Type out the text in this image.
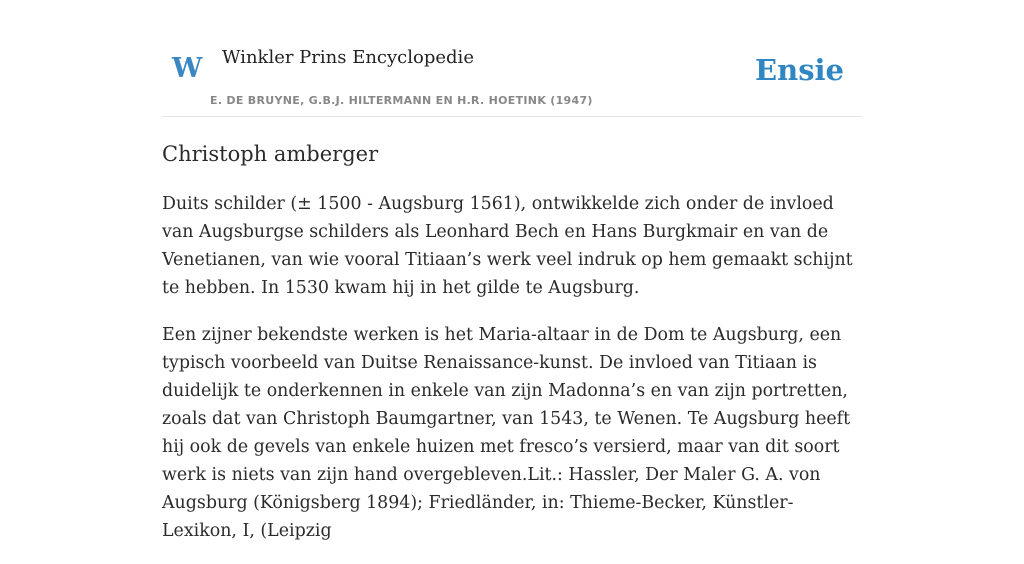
W Winkler Prins Encyclopedie
E. DE BRUYNE, G.B.J. HILTERMANN EN H.R. HOETINK (1947)
Ensie
Christoph amberger

Duits schilder (± 1500 - Augsburg 1561), ontwikkelde zich onder de invloed van Augsburgse schilders als Leonhard Bech en Hans Burgkmair en van de Venetianen, van wie vooral Titiaan’s werk veel indruk op hem gemaakt schijnt te hebben. In 1530 kwam hij in het gilde te Augsburg.

Een zijner bekendste werken is het Maria-altaar in de Dom te Augsburg, een typisch voorbeeld van Duitse Renaissance-kunst. De invloed van Titiaan is duidelijk te onderkennen in enkele van zijn Madonna’s en van zijn portretten, zoals dat van Christoph Baumgartner, van 1543, te Wenen. Te Augsburg heeft hij ook de gevels van enkele huizen met fresco’s versierd, maar van dit soort werk is niets van zijn hand overgebleven.Lit.: Hassler, Der Maler G. A. von Augsburg (Königsberg 1894); Friedländer, in: Thieme-Becker, Künstler-Lexikon, I, (Leipzig
